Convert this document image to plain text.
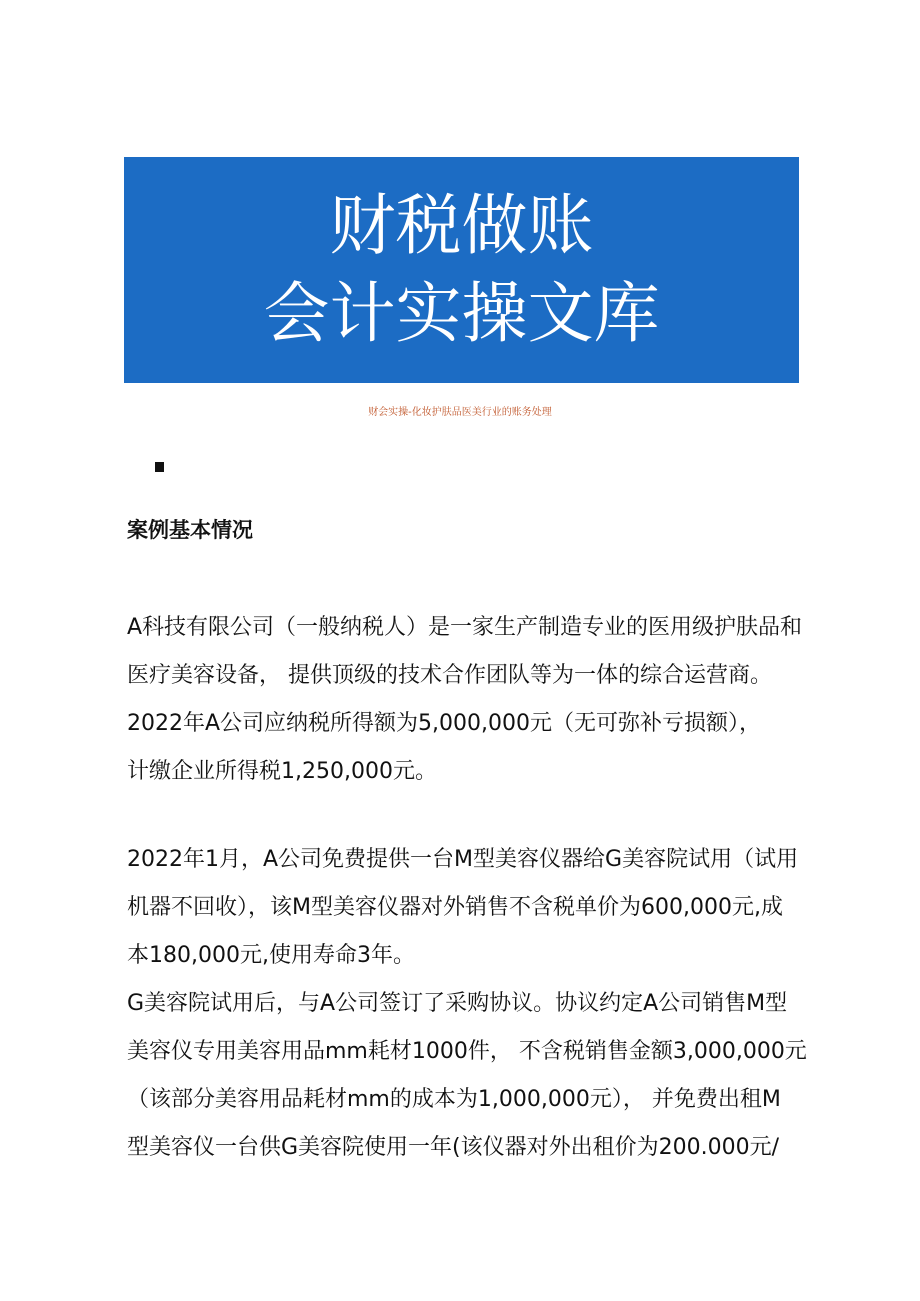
财税做账
会计实操文库
财会实操-化妆护肤品医美行业的账务处理
案例基本情况
A科技有限公司（一般纳税人）是一家生产制造专业的医用级护肤品和
医疗美容设备， 提供顶级的技术合作团队等为一体的综合运营商。
2022年A公司应纳税所得额为5,000,000元（无可弥补亏损额），
计缴企业所得税1,250,000元。
2022年1月，A公司免费提供一台M型美容仪器给G美容院试用（试用
机器不回收），该M型美容仪器对外销售不含税单价为600,000元,成
本180,000元,使用寿命3年。
G美容院试用后，与A公司签订了采购协议。协议约定A公司销售M型
美容仪专用美容用品mm耗材1000件， 不含税销售金额3,000,000元
（该部分美容用品耗材mm的成本为1,000,000元）， 并免费出租M
型美容仪一台供G美容院使用一年(该仪器对外出租价为200.000元/
